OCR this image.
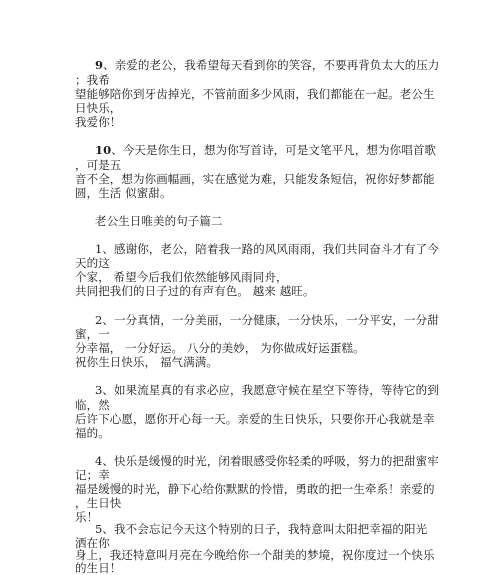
9、亲爱的老公，我希望每天看到你的笑容，不要再背负太大的压力
；我希
望能够陪你到牙齿掉光，不管前面多少风雨，我们都能在一起。老公生
日快乐，
我爱你！
10、今天是你生日，想为你写首诗，可是文笔平凡，想为你唱首歌
，可是五
音不全，想为你画幅画，实在感觉为难，只能发条短信，祝你好梦都能
圆，生活 似蜜甜。
老公生日唯美的句子篇二
1、感谢你，老公，陪着我一路的风风雨雨，我们共同奋斗才有了今
天的这
个家， 希望今后我们依然能够风雨同舟，
共同把我们的日子过的有声有色。 越来 越旺。
2、一分真情，一分美丽，一分健康，一分快乐，一分平安，一分甜
蜜，一
分幸福， 一分好运。 八分的美妙， 为你做成好运蛋糕。
祝你生日快乐， 福气满满。
3、如果流星真的有求必应，我愿意守候在星空下等待，等待它的到
临，然
后许下心愿，愿你开心每一天。亲爱的生日快乐，只要你开心我就是幸
福的。
4、快乐是缓慢的时光，闭着眼感受你轻柔的呼吸，努力的把甜蜜牢
记；幸
福是缓慢的时光，静下心给你默默的怜惜，勇敢的把一生牵系！亲爱的
，生日快
乐！
5、我不会忘记今天这个特别的日子，我特意叫太阳把幸福的阳光
洒在你
身上，我还特意叫月亮在今晚给你一个甜美的梦境，祝你度过一个快乐
的生日！
